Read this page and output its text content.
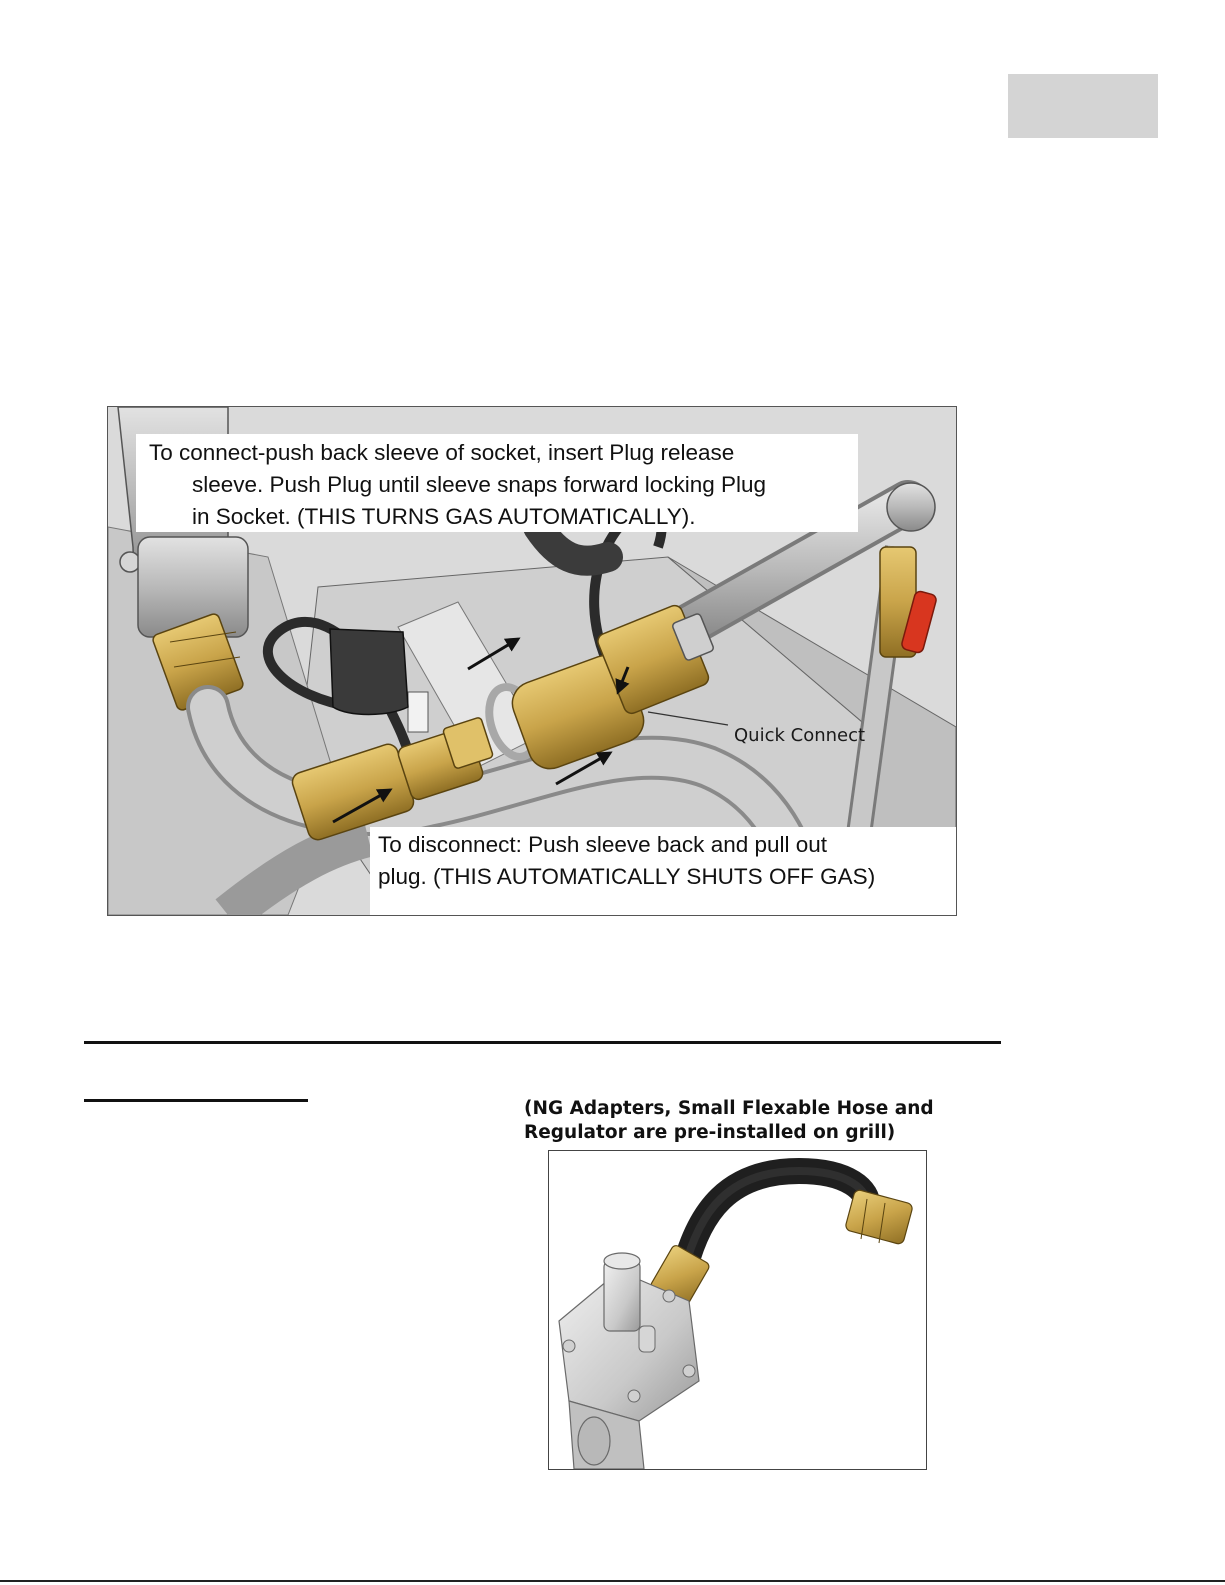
To connect-push back sleeve of socket, insert Plug release
sleeve. Push Plug until sleeve snaps forward locking Plug
in Socket. (THIS TURNS GAS AUTOMATICALLY).
Quick Connect
To disconnect: Push sleeve back and pull out
plug. (THIS AUTOMATICALLY SHUTS OFF GAS)
(NG Adapters, Small Flexable Hose and
Regulator are pre-installed on grill)
